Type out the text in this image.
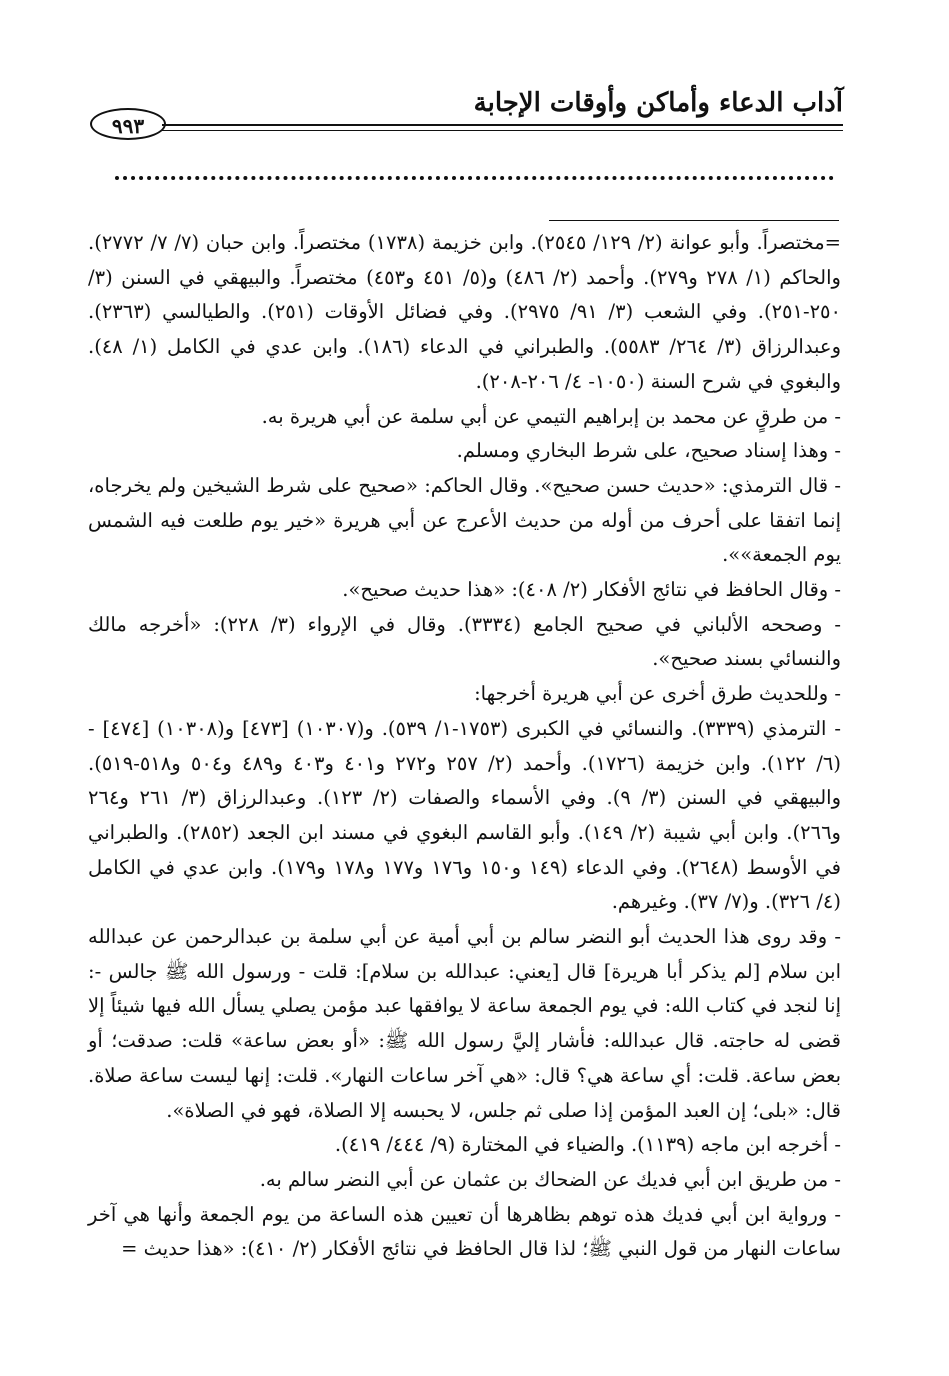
آداب الدعاء وأماكن وأوقات الإجابة
٩٩٣

=مختصراً. وأبو عوانة (٢/ ١٢٩/ ٢٥٤٥). وابن خزيمة (١٧٣٨) مختصراً. وابن حبان (٧/ ٧/ ٢٧٧٢). والحاكم (١/ ٢٧٨ و٢٧٩). وأحمد (٢/ ٤٨٦) و(٥/ ٤٥١ و٤٥٣) مختصراً. والبيهقي في السنن (٣/ ٢٥٠-٢٥١). وفي الشعب (٣/ ٩١/ ٢٩٧٥). وفي فضائل الأوقات (٢٥١). والطيالسي (٢٣٦٣). وعبدالرزاق (٣/ ٢٦٤/ ٥٥٨٣). والطبراني في الدعاء (١٨٦). وابن عدي في الكامل (١/ ٤٨). والبغوي في شرح السنة (١٠٥٠- ٤/ ٢٠٦-٢٠٨).

- من طرقٍ عن محمد بن إبراهيم التيمي عن أبي سلمة عن أبي هريرة به.

- وهذا إسناد صحيح، على شرط البخاري ومسلم.

- قال الترمذي: «حديث حسن صحيح». وقال الحاكم: «صحيح على شرط الشيخين ولم يخرجاه، إنما اتفقا على أحرف من أوله من حديث الأعرج عن أبي هريرة «خير يوم طلعت فيه الشمس يوم الجمعة»».

- وقال الحافظ في نتائج الأفكار (٢/ ٤٠٨): «هذا حديث صحيح».

- وصححه الألباني في صحيح الجامع (٣٣٣٤). وقال في الإرواء (٣/ ٢٢٨): «أخرجه مالك والنسائي بسند صحيح».

- وللحديث طرق أخرى عن أبي هريرة أخرجها:

- الترمذي (٣٣٣٩). والنسائي في الكبرى (١٧٥٣-١/ ٥٣٩). و(١٠٣٠٧) [٤٧٣] و(١٠٣٠٨) [٤٧٤] - (٦/ ١٢٢). وابن خزيمة (١٧٢٦). وأحمد (٢/ ٢٥٧ و٢٧٢ و٤٠١ و٤٠٣ و٤٨٩ و٥٠٤ و٥١٨-٥١٩). والبيهقي في السنن (٣/ ٩). وفي الأسماء والصفات (٢/ ١٢٣). وعبدالرزاق (٣/ ٢٦١ و٢٦٤ و٢٦٦). وابن أبي شيبة (٢/ ١٤٩). وأبو القاسم البغوي في مسند ابن الجعد (٢٨٥٢). والطبراني في الأوسط (٢٦٤٨). وفي الدعاء (١٤٩ و١٥٠ و١٧٦ و١٧٧ و١٧٨ و١٧٩). وابن عدي في الكامل (٤/ ٣٢٦). و(٧/ ٣٧). وغيرهم.

- وقد روى هذا الحديث أبو النضر سالم بن أبي أمية عن أبي سلمة بن عبدالرحمن عن عبدالله ابن سلام [لم يذكر أبا هريرة] قال [يعني: عبدالله بن سلام]: قلت - ورسول الله ﷺ جالس -: إنا لنجد في كتاب الله: في يوم الجمعة ساعة لا يوافقها عبد مؤمن يصلي يسأل الله فيها شيئاً إلا قضى له حاجته. قال عبدالله: فأشار إليَّ رسول الله ﷺ: «أو بعض ساعة» قلت: صدقت؛ أو بعض ساعة. قلت: أي ساعة هي؟ قال: «هي آخر ساعات النهار». قلت: إنها ليست ساعة صلاة. قال: «بلى؛ إن العبد المؤمن إذا صلى ثم جلس، لا يحبسه إلا الصلاة، فهو في الصلاة».

- أخرجه ابن ماجه (١١٣٩). والضياء في المختارة (٩/ ٤٤٤/ ٤١٩).

- من طريق ابن أبي فديك عن الضحاك بن عثمان عن أبي النضر سالم به.

- ورواية ابن أبي فديك هذه توهم بظاهرها أن تعيين هذه الساعة من يوم الجمعة وأنها هي آخر ساعات النهار من قول النبي ﷺ؛ لذا قال الحافظ في نتائج الأفكار (٢/ ٤١٠): «هذا حديث =
